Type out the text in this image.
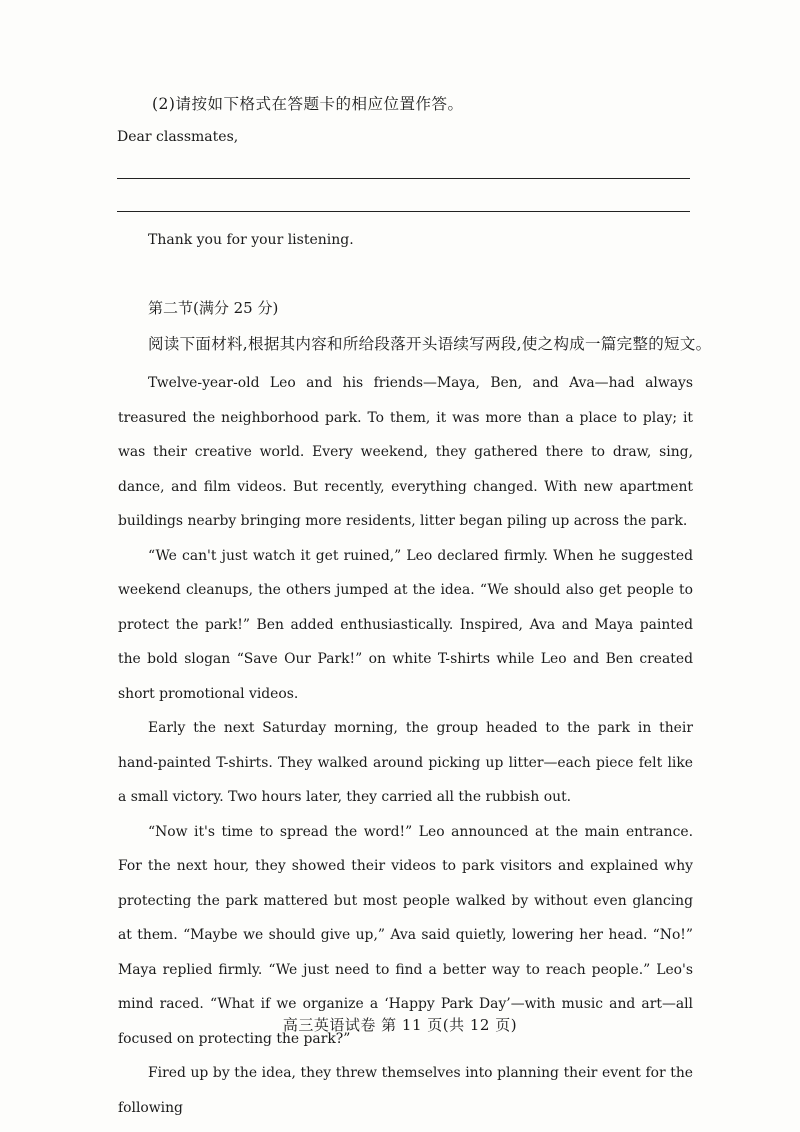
(2)请按如下格式在答题卡的相应位置作答。

Dear classmates,

Thank you for your listening.

第二节(满分 25 分)

阅读下面材料,根据其内容和所给段落开头语续写两段,使之构成一篇完整的短文。

Twelve-year-old Leo and his friends—Maya, Ben, and Ava—had always treasured the neighborhood park. To them, it was more than a place to play; it was their creative world. Every weekend, they gathered there to draw, sing, dance, and film videos. But recently, everything changed. With new apartment buildings nearby bringing more residents, litter began piling up across the park.

“We can't just watch it get ruined,” Leo declared firmly. When he suggested weekend cleanups, the others jumped at the idea. “We should also get people to protect the park!” Ben added enthusiastically. Inspired, Ava and Maya painted the bold slogan “Save Our Park!” on white T-shirts while Leo and Ben created short promotional videos.

Early the next Saturday morning, the group headed to the park in their hand-painted T-shirts. They walked around picking up litter—each piece felt like a small victory. Two hours later, they carried all the rubbish out.

“Now it's time to spread the word!” Leo announced at the main entrance. For the next hour, they showed their videos to park visitors and explained why protecting the park mattered but most people walked by without even glancing at them. “Maybe we should give up,” Ava said quietly, lowering her head. “No!” Maya replied firmly. “We just need to find a better way to reach people.” Leo's mind raced. “What if we organize a ‘Happy Park Day’—with music and art—all focused on protecting the park?”

Fired up by the idea, they threw themselves into planning their event for the following

高三英语试卷 第 11 页(共 12 页)
